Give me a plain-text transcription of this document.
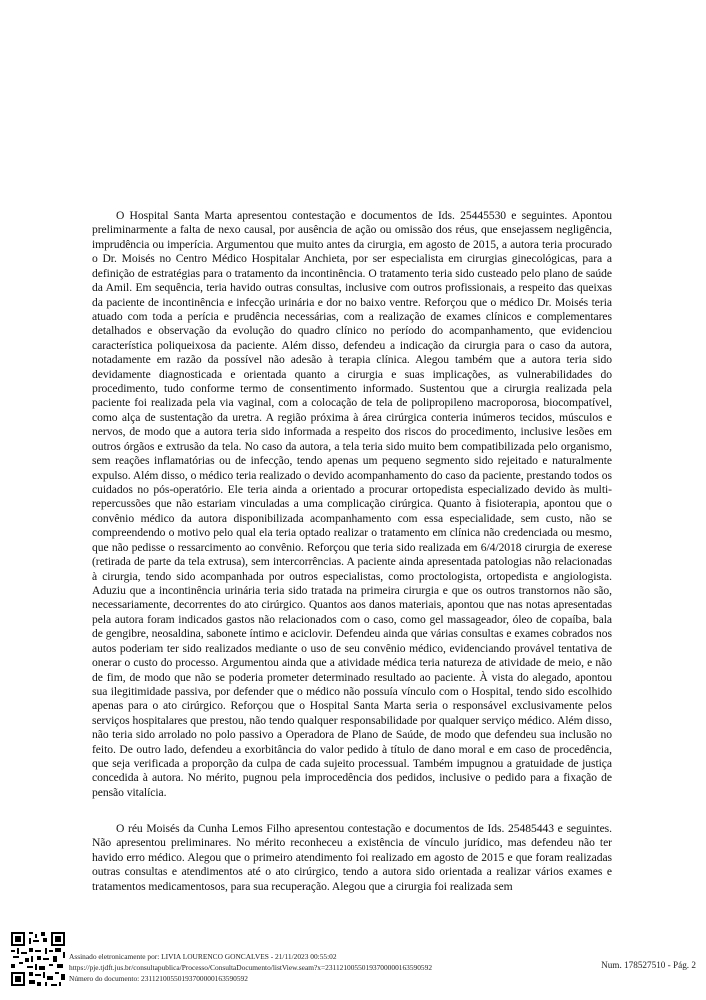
O Hospital Santa Marta apresentou contestação e documentos de Ids. 25445530 e seguintes. Apontou preliminarmente a falta de nexo causal, por ausência de ação ou omissão dos réus, que ensejassem negligência, imprudência ou imperícia. Argumentou que muito antes da cirurgia, em agosto de 2015, a autora teria procurado o Dr. Moisés no Centro Médico Hospitalar Anchieta, por ser especialista em cirurgias ginecológicas, para a definição de estratégias para o tratamento da incontinência. O tratamento teria sido custeado pelo plano de saúde da Amil. Em sequência, teria havido outras consultas, inclusive com outros profissionais, a respeito das queixas da paciente de incontinência e infecção urinária e dor no baixo ventre. Reforçou que o médico Dr. Moisés teria atuado com toda a perícia e prudência necessárias, com a realização de exames clínicos e complementares detalhados e observação da evolução do quadro clínico no período do acompanhamento, que evidenciou característica poliqueixosa da paciente. Além disso, defendeu a indicação da cirurgia para o caso da autora, notadamente em razão da possível não adesão à terapia clínica. Alegou também que a autora teria sido devidamente diagnosticada e orientada quanto a cirurgia e suas implicações, as vulnerabilidades do procedimento, tudo conforme termo de consentimento informado. Sustentou que a cirurgia realizada pela paciente foi realizada pela via vaginal, com a colocação de tela de polipropileno macroporosa, biocompatível, como alça de sustentação da uretra. A região próxima à área cirúrgica conteria inúmeros tecidos, músculos e nervos, de modo que a autora teria sido informada a respeito dos riscos do procedimento, inclusive lesões em outros órgãos e extrusão da tela. No caso da autora, a tela teria sido muito bem compatibilizada pelo organismo, sem reações inflamatórias ou de infecção, tendo apenas um pequeno segmento sido rejeitado e naturalmente expulso. Além disso, o médico teria realizado o devido acompanhamento do caso da paciente, prestando todos os cuidados no pós-operatório. Ele teria ainda a orientado a procurar ortopedista especializado devido às multi-repercussões que não estariam vinculadas a uma complicação cirúrgica. Quanto à fisioterapia, apontou que o convênio médico da autora disponibilizada acompanhamento com essa especialidade, sem custo, não se compreendendo o motivo pelo qual ela teria optado realizar o tratamento em clínica não credenciada ou mesmo, que não pedisse o ressarcimento ao convênio. Reforçou que teria sido realizada em 6/4/2018 cirurgia de exerese (retirada de parte da tela extrusa), sem intercorrências. A paciente ainda apresentada patologias não relacionadas à cirurgia, tendo sido acompanhada por outros especialistas, como proctologista, ortopedista e angiologista. Aduziu que a incontinência urinária teria sido tratada na primeira cirurgia e que os outros transtornos não são, necessariamente, decorrentes do ato cirúrgico. Quantos aos danos materiais, apontou que nas notas apresentadas pela autora foram indicados gastos não relacionados com o caso, como gel massageador, óleo de copaíba, bala de gengibre, neosaldina, sabonete íntimo e aciclovir. Defendeu ainda que várias consultas e exames cobrados nos autos poderiam ter sido realizados mediante o uso de seu convênio médico, evidenciando provável tentativa de onerar o custo do processo. Argumentou ainda que a atividade médica teria natureza de atividade de meio, e não de fim, de modo que não se poderia prometer determinado resultado ao paciente. À vista do alegado, apontou sua ilegitimidade passiva, por defender que o médico não possuía vínculo com o Hospital, tendo sido escolhido apenas para o ato cirúrgico. Reforçou que o Hospital Santa Marta seria o responsável exclusivamente pelos serviços hospitalares que prestou, não tendo qualquer responsabilidade por qualquer serviço médico. Além disso, não teria sido arrolado no polo passivo a Operadora de Plano de Saúde, de modo que defendeu sua inclusão no feito. De outro lado, defendeu a exorbitância do valor pedido à título de dano moral e em caso de procedência, que seja verificada a proporção da culpa de cada sujeito processual. Também impugnou a gratuidade de justiça concedida à autora. No mérito, pugnou pela improcedência dos pedidos, inclusive o pedido para a fixação de pensão vitalícia.

O réu Moisés da Cunha Lemos Filho apresentou contestação e documentos de Ids. 25485443 e seguintes. Não apresentou preliminares. No mérito reconheceu a existência de vínculo jurídico, mas defendeu não ter havido erro médico. Alegou que o primeiro atendimento foi realizado em agosto de 2015 e que foram realizadas outras consultas e atendimentos até o ato cirúrgico, tendo a autora sido orientada a realizar vários exames e tratamentos medicamentosos, para sua recuperação. Alegou que a cirurgia foi realizada sem

Assinado eletronicamente por: LIVIA LOURENCO GONCALVES - 21/11/2023 00:55:02
https://pje.tjdft.jus.br/consultapublica/Processo/ConsultaDocumento/listView.seam?x=23112100550193700000163590592
Número do documento: 23112100550193700000163590592
Num. 178527510 - Pág. 2
